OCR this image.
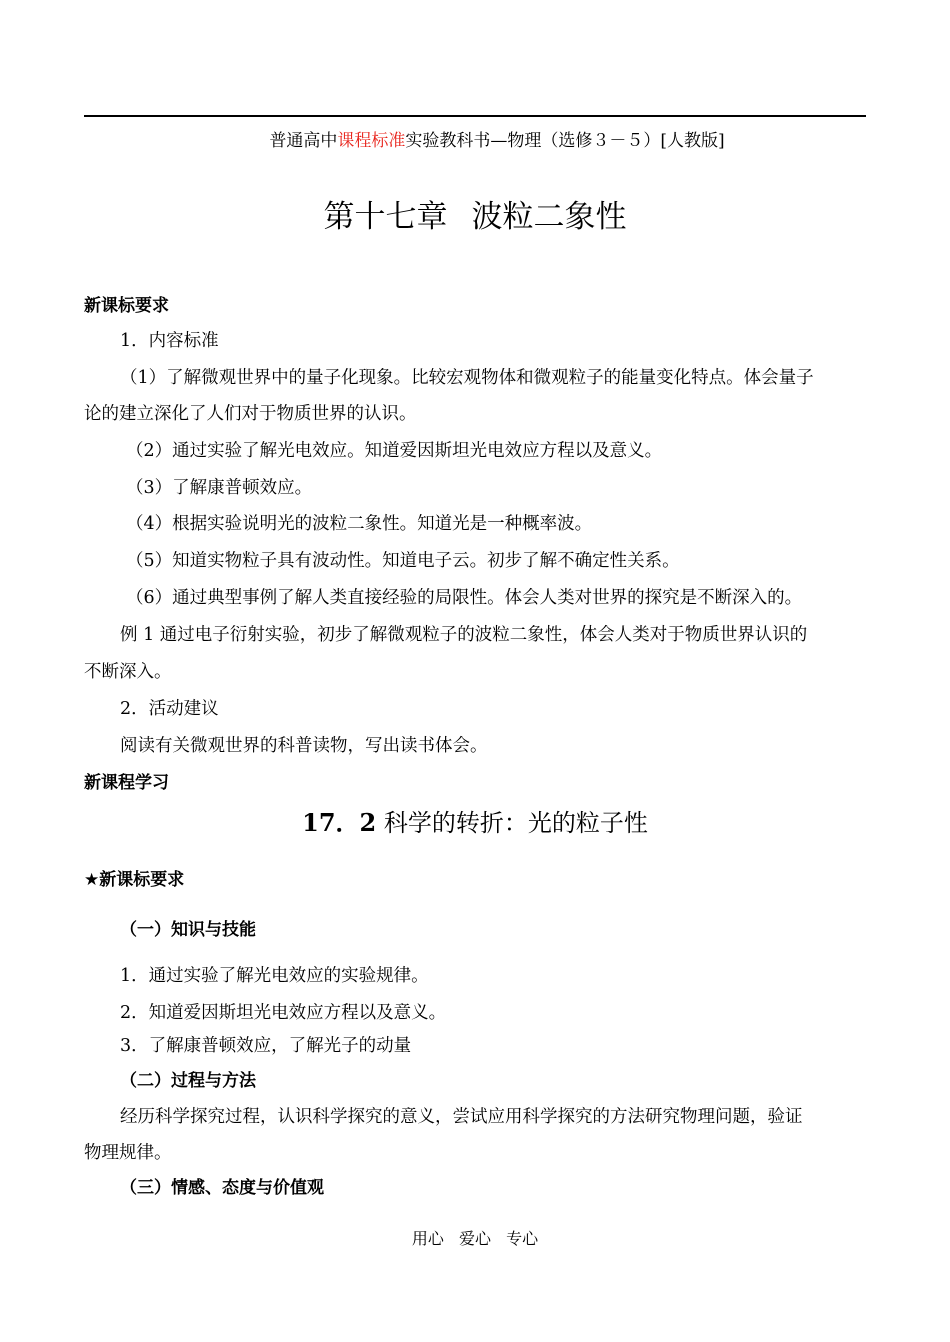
普通高中课程标准实验教科书—物理（选修３－５）[人教版]
第十七章 波粒二象性
新课标要求
1．内容标准
（1）了解微观世界中的量子化现象。比较宏观物体和微观粒子的能量变化特点。体会量子
论的建立深化了人们对于物质世界的认识。
（2）通过实验了解光电效应。知道爱因斯坦光电效应方程以及意义。
（3）了解康普顿效应。
（4）根据实验说明光的波粒二象性。知道光是一种概率波。
（5）知道实物粒子具有波动性。知道电子云。初步了解不确定性关系。
（6）通过典型事例了解人类直接经验的局限性。体会人类对世界的探究是不断深入的。
例 1 通过电子衍射实验，初步了解微观粒子的波粒二象性，体会人类对于物质世界认识的
不断深入。
2．活动建议
阅读有关微观世界的科普读物，写出读书体会。
新课程学习
17．2 科学的转折：光的粒子性
★新课标要求
（一）知识与技能
1．通过实验了解光电效应的实验规律。
2．知道爱因斯坦光电效应方程以及意义。
3．了解康普顿效应，了解光子的动量
（二）过程与方法
经历科学探究过程，认识科学探究的意义，尝试应用科学探究的方法研究物理问题，验证
物理规律。
（三）情感、态度与价值观
用心 爱心 专心
